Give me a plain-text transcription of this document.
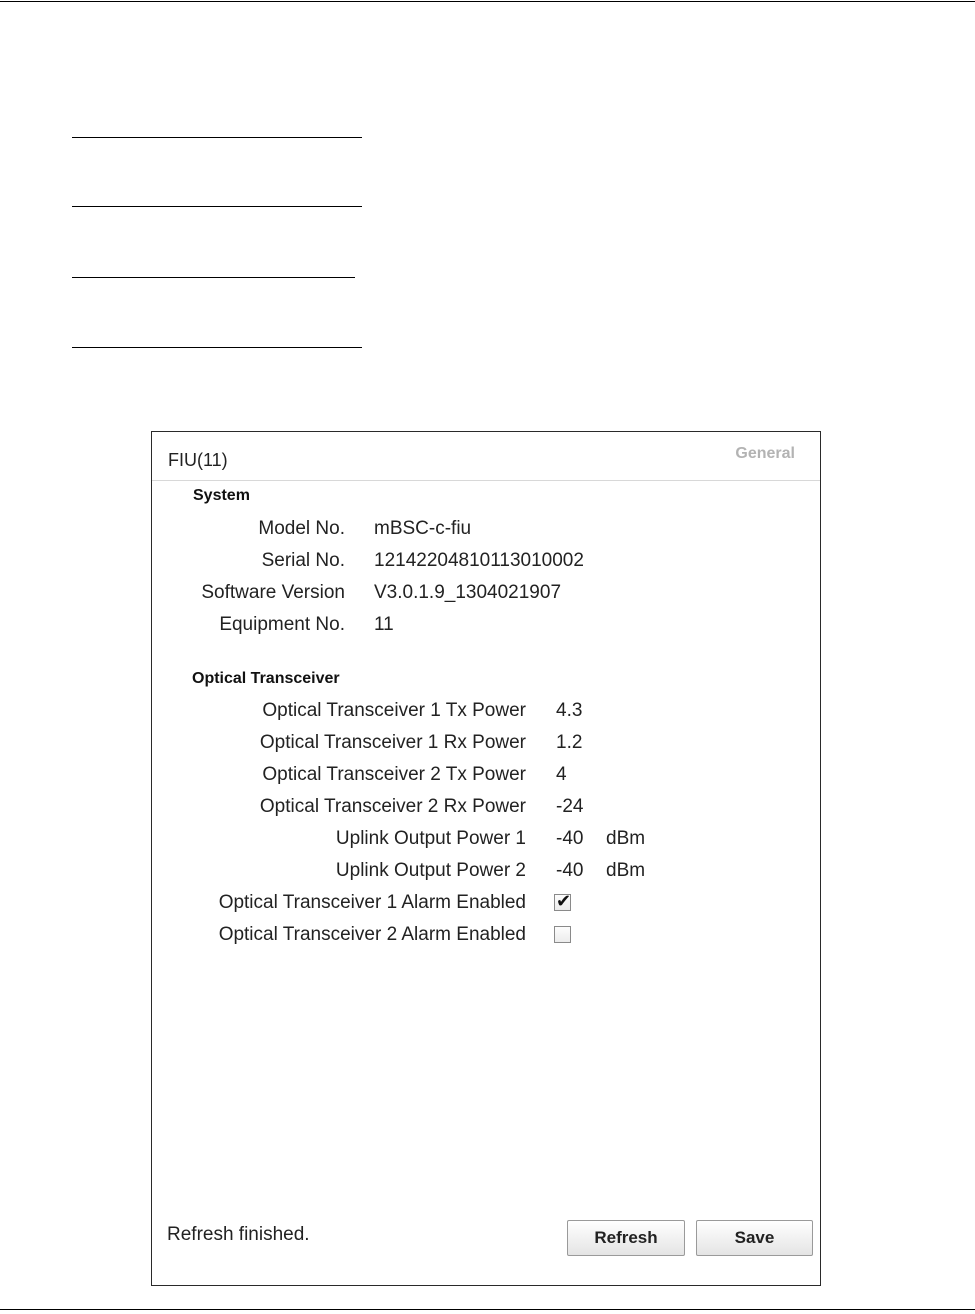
FIU(11)	General
System
Model No. mBSC-c-fiu
Serial No. 12142204810113010002
Software Version V3.0.1.9_1304021907
Equipment No. 11
Optical Transceiver
Optical Transceiver 1 Tx Power 4.3
Optical Transceiver 1 Rx Power 1.2
Optical Transceiver 2 Tx Power 4
Optical Transceiver 2 Rx Power -24
Uplink Output Power 1 -40 dBm
Uplink Output Power 2 -40 dBm
Optical Transceiver 1 Alarm Enabled ✔
Optical Transceiver 2 Alarm Enabled
Refresh finished.	Refresh	Save
